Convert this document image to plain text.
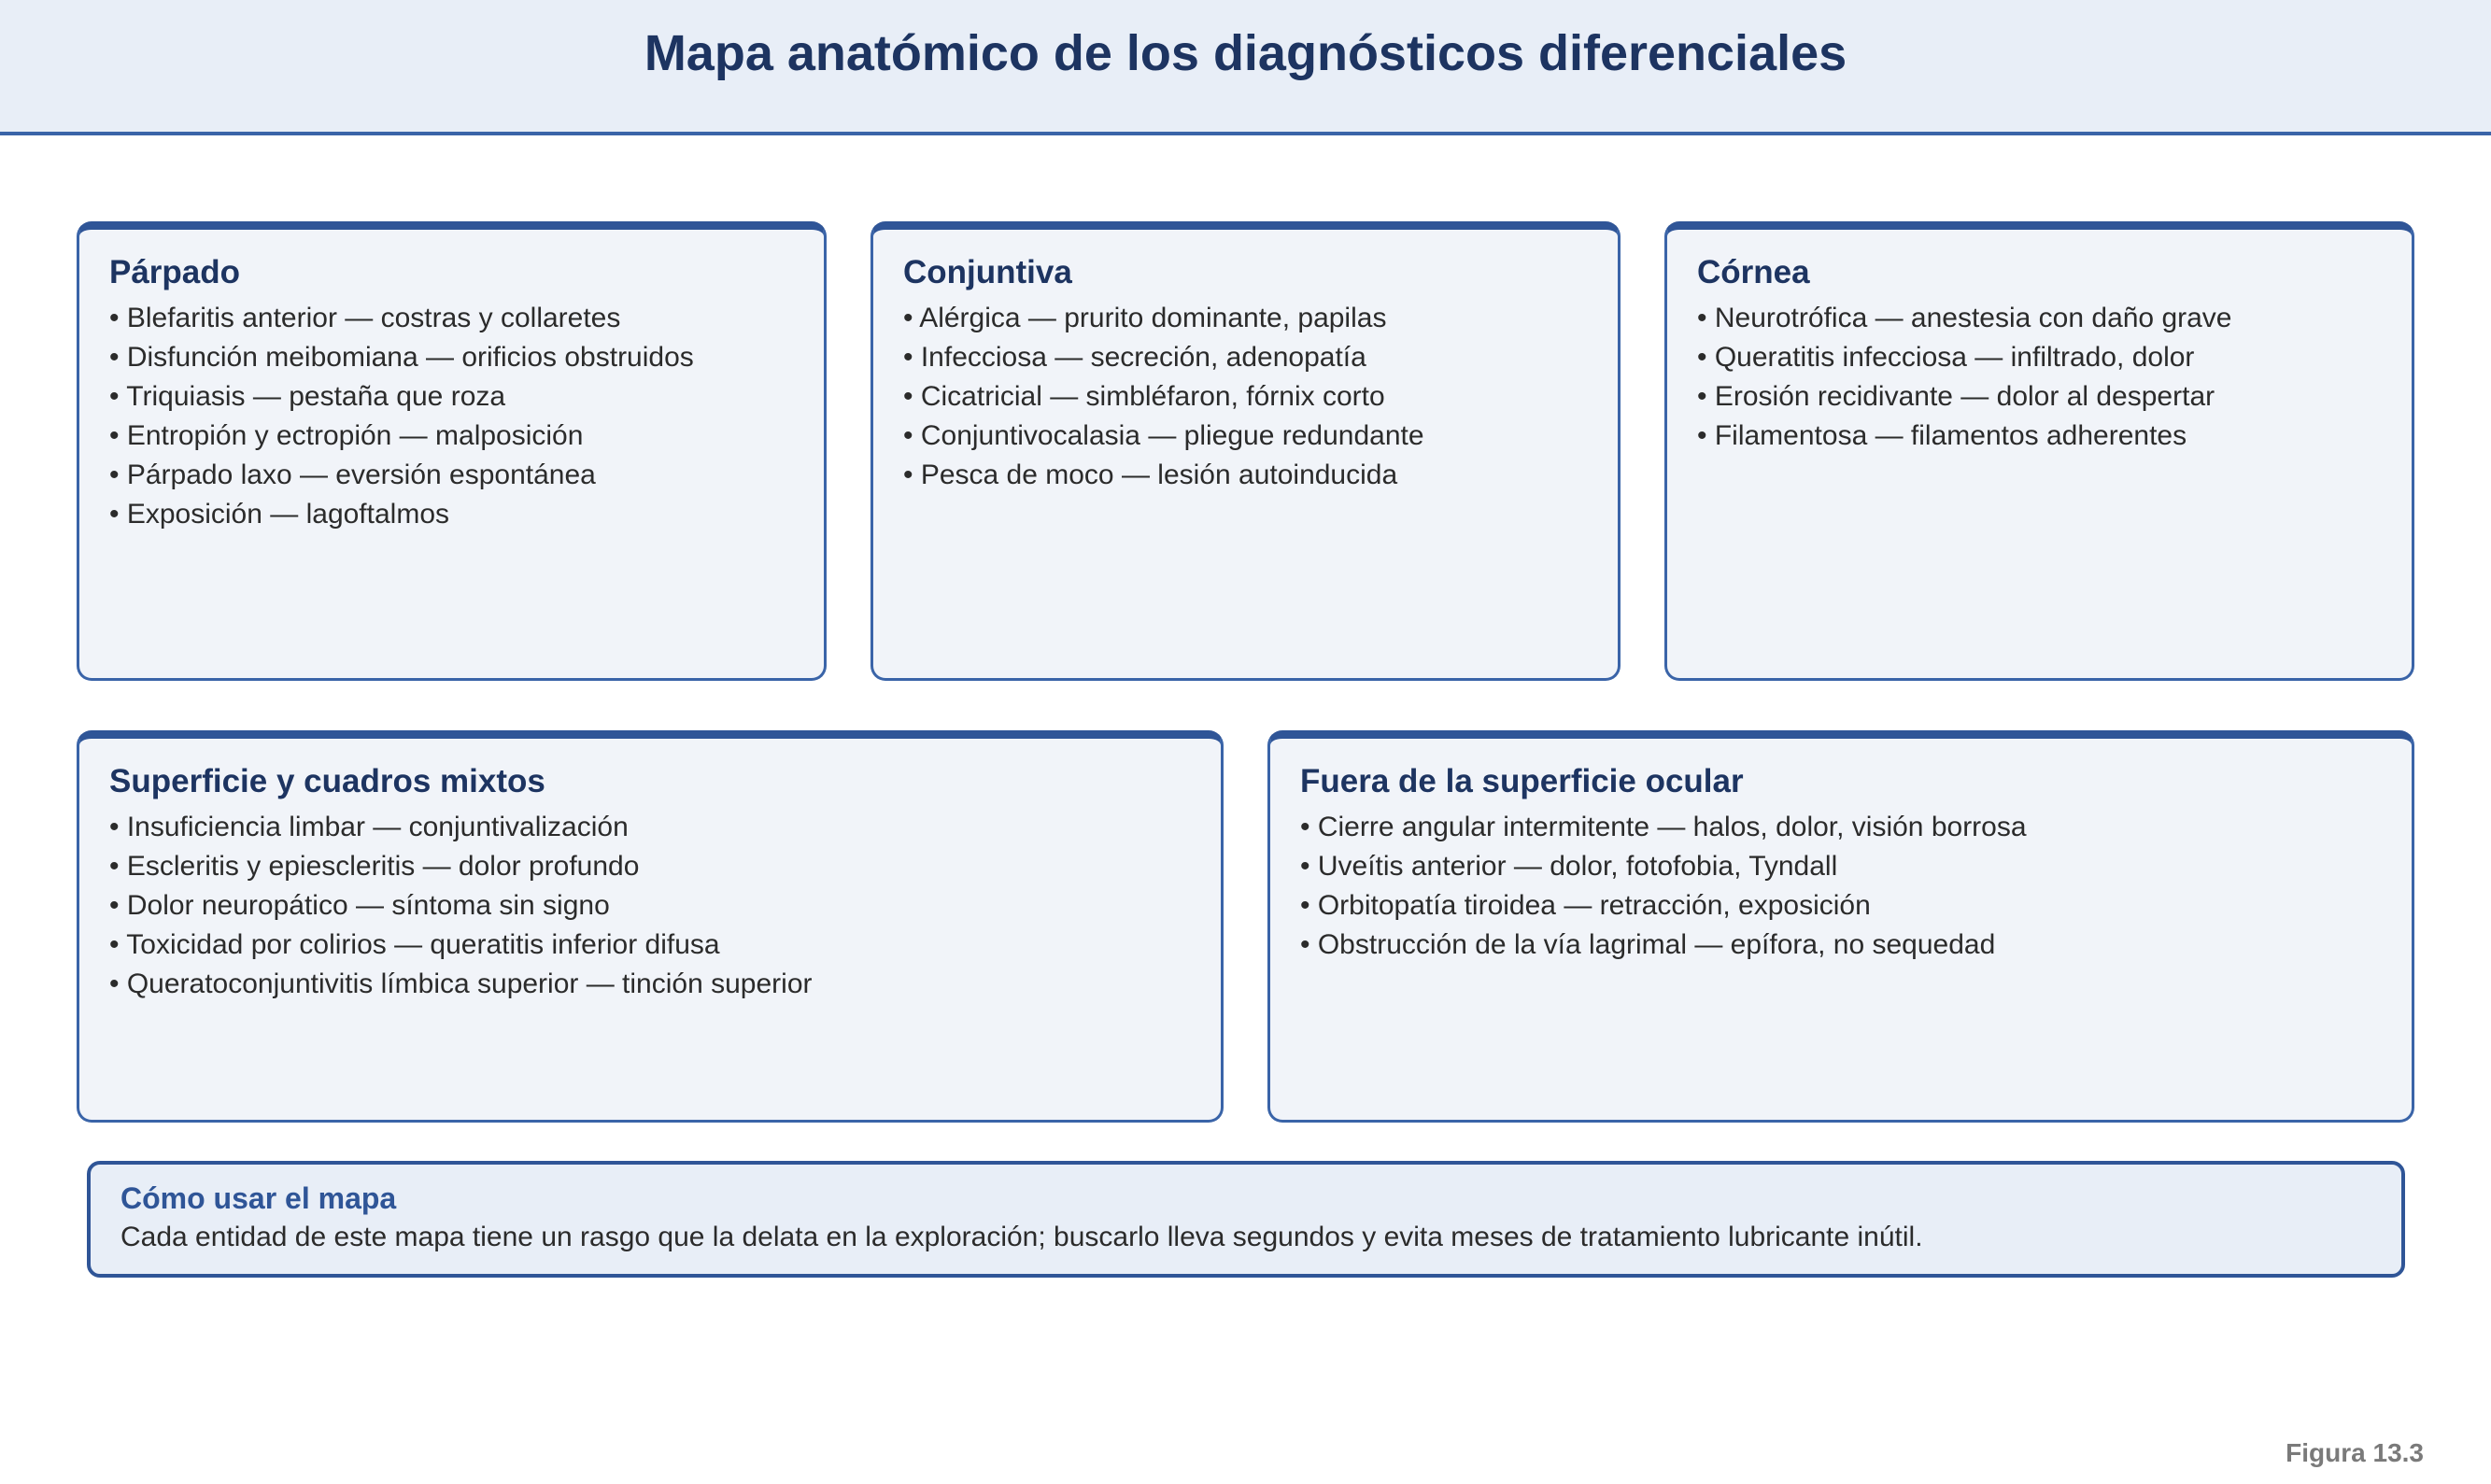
Mapa anatómico de los diagnósticos diferenciales
Párpado
• Blefaritis anterior — costras y collaretes
• Disfunción meibomiana — orificios obstruidos
• Triquiasis — pestaña que roza
• Entropión y ectropión — malposición
• Párpado laxo — eversión espontánea
• Exposición — lagoftalmos
Conjuntiva
• Alérgica — prurito dominante, papilas
• Infecciosa — secreción, adenopatía
• Cicatricial — simbléfaron, fórnix corto
• Conjuntivocalasia — pliegue redundante
• Pesca de moco — lesión autoinducida
Córnea
• Neurotrófica — anestesia con daño grave
• Queratitis infecciosa — infiltrado, dolor
• Erosión recidivante — dolor al despertar
• Filamentosa — filamentos adherentes
Superficie y cuadros mixtos
• Insuficiencia limbar — conjuntivalización
• Escleritis y epiescleritis — dolor profundo
• Dolor neuropático — síntoma sin signo
• Toxicidad por colirios — queratitis inferior difusa
• Queratoconjuntivitis límbica superior — tinción superior
Fuera de la superficie ocular
• Cierre angular intermitente — halos, dolor, visión borrosa
• Uveítis anterior — dolor, fotofobia, Tyndall
• Orbitopatía tiroidea — retracción, exposición
• Obstrucción de la vía lagrimal — epífora, no sequedad
Cómo usar el mapa

Cada entidad de este mapa tiene un rasgo que la delata en la exploración; buscarlo lleva segundos y evita meses de tratamiento lubricante inútil.

Figura 13.3
